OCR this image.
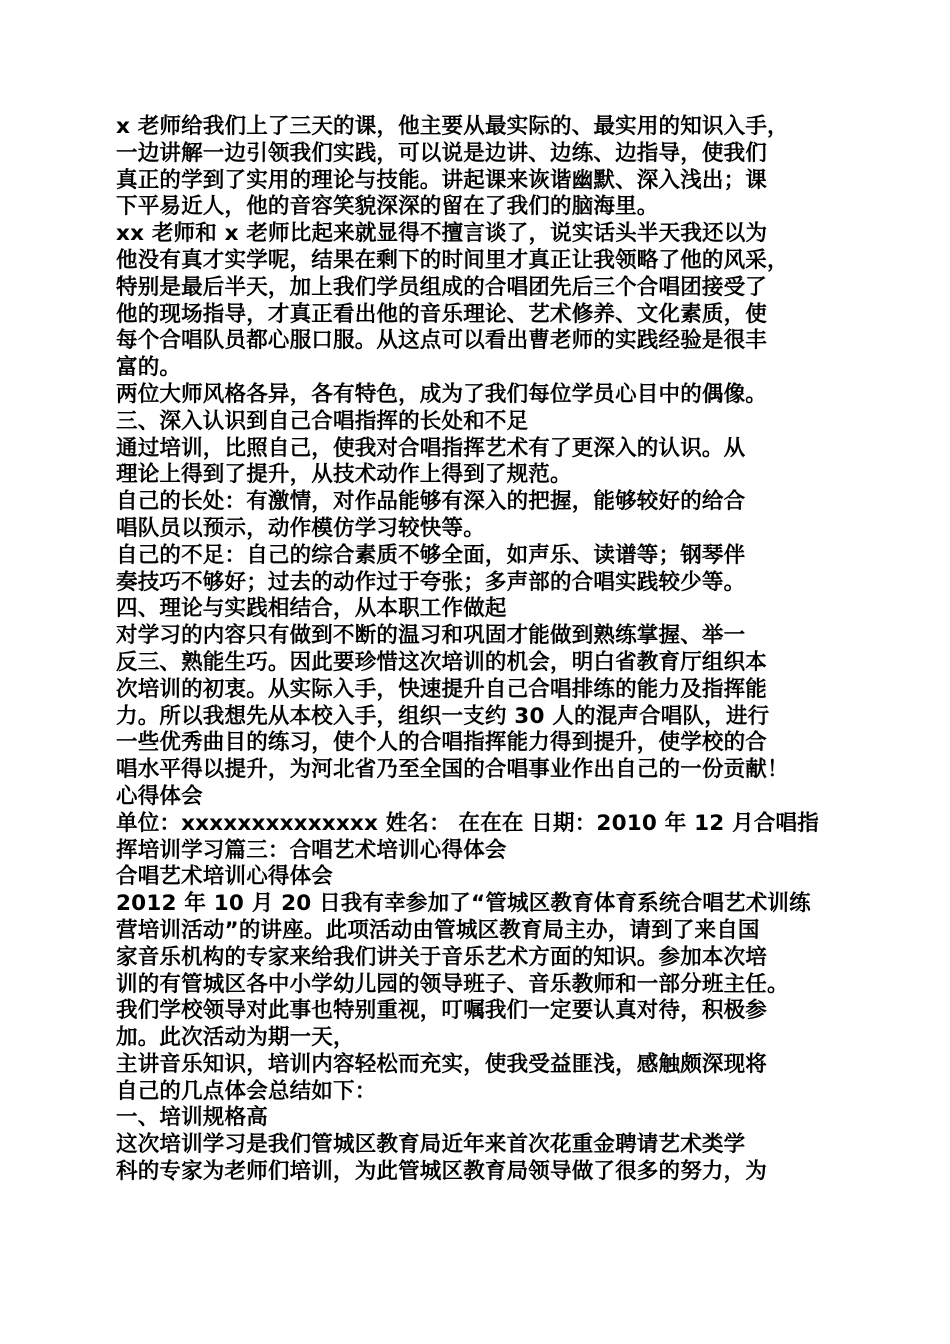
x 老师给我们上了三天的课，他主要从最实际的、最实用的知识入手，
一边讲解一边引领我们实践，可以说是边讲、边练、边指导，使我们
真正的学到了实用的理论与技能。讲起课来诙谐幽默、深入浅出；课
下平易近人，他的音容笑貌深深的留在了我们的脑海里。
xx 老师和 x 老师比起来就显得不擅言谈了，说实话头半天我还以为
他没有真才实学呢，结果在剩下的时间里才真正让我领略了他的风采，
特别是最后半天，加上我们学员组成的合唱团先后三个合唱团接受了
他的现场指导，才真正看出他的音乐理论、艺术修养、文化素质，使
每个合唱队员都心服口服。从这点可以看出曹老师的实践经验是很丰
富的。
两位大师风格各异，各有特色，成为了我们每位学员心目中的偶像。
三、深入认识到自己合唱指挥的长处和不足
通过培训，比照自己，使我对合唱指挥艺术有了更深入的认识。从
理论上得到了提升，从技术动作上得到了规范。
自己的长处：有激情，对作品能够有深入的把握，能够较好的给合
唱队员以预示，动作模仿学习较快等。
自己的不足：自己的综合素质不够全面，如声乐、读谱等；钢琴伴
奏技巧不够好；过去的动作过于夸张；多声部的合唱实践较少等。
四、理论与实践相结合，从本职工作做起
对学习的内容只有做到不断的温习和巩固才能做到熟练掌握、举一
反三、熟能生巧。因此要珍惜这次培训的机会，明白省教育厅组织本
次培训的初衷。从实际入手，快速提升自己合唱排练的能力及指挥能
力。所以我想先从本校入手，组织一支约 30 人的混声合唱队，进行
一些优秀曲目的练习，使个人的合唱指挥能力得到提升，使学校的合
唱水平得以提升，为河北省乃至全国的合唱事业作出自己的一份贡献！
心得体会
单位：xxxxxxxxxxxxxx 姓名： 在在在 日期：2010 年 12 月合唱指
挥培训学习篇三：合唱艺术培训心得体会
合唱艺术培训心得体会
2012 年 10 月 20 日我有幸参加了“管城区教育体育系统合唱艺术训练
营培训活动”的讲座。此项活动由管城区教育局主办，请到了来自国
家音乐机构的专家来给我们讲关于音乐艺术方面的知识。参加本次培
训的有管城区各中小学幼儿园的领导班子、音乐教师和一部分班主任。
我们学校领导对此事也特别重视，叮嘱我们一定要认真对待，积极参
加。此次活动为期一天，
主讲音乐知识，培训内容轻松而充实，使我受益匪浅，感触颇深现将
自己的几点体会总结如下：
一、培训规格高
这次培训学习是我们管城区教育局近年来首次花重金聘请艺术类学
科的专家为老师们培训，为此管城区教育局领导做了很多的努力，为
